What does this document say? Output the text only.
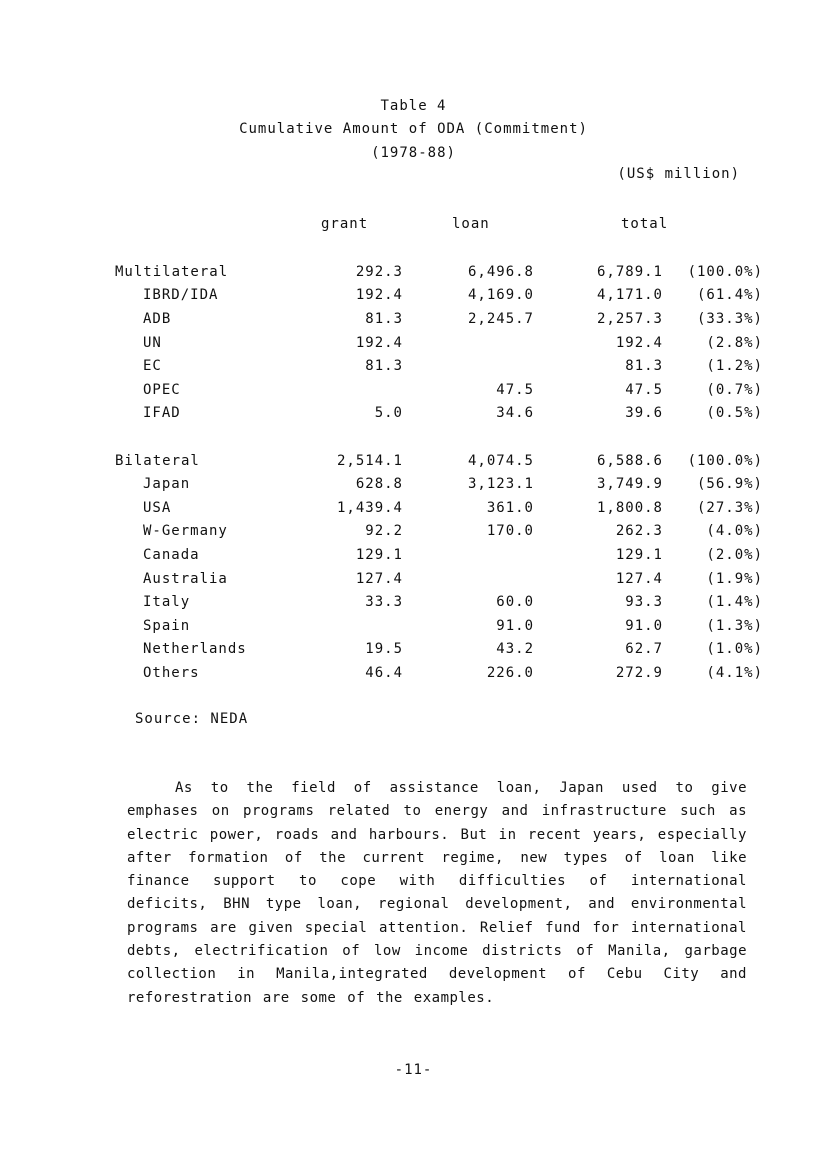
Table 4
Cumulative Amount of ODA (Commitment)
(1978-88)
(US$ million)
grant	loan	total
Multilateral	292.3	6,496.8	6,789.1	(100.0%)
IBRD/IDA	192.4	4,169.0	4,171.0	(61.4%)
ADB	81.3	2,245.7	2,257.3	(33.3%)
UN	192.4		192.4	(2.8%)
EC	81.3		81.3	(1.2%)
OPEC		47.5	47.5	(0.7%)
IFAD	5.0	34.6	39.6	(0.5%)

Bilateral	2,514.1	4,074.5	6,588.6	(100.0%)
Japan	628.8	3,123.1	3,749.9	(56.9%)
USA	1,439.4	361.0	1,800.8	(27.3%)
W-Germany	92.2	170.0	262.3	(4.0%)
Canada	129.1		129.1	(2.0%)
Australia	127.4		127.4	(1.9%)
Italy	33.3	60.0	93.3	(1.4%)
Spain		91.0	91.0	(1.3%)
Netherlands	19.5	43.2	62.7	(1.0%)
Others	46.4	226.0	272.9	(4.1%)
Source: NEDA
As to the field of assistance loan, Japan used to give emphases on programs related to energy and infrastructure such as electric power, roads and harbours. But in recent years, especially after formation of the current regime, new types of loan like finance support to cope with difficulties of international deficits, BHN type loan, regional development, and environmental programs are given special attention. Relief fund for international debts, electrification of low income districts of Manila, garbage collection in Manila,integrated development of Cebu City and reforestration are some of the examples.
-11-
